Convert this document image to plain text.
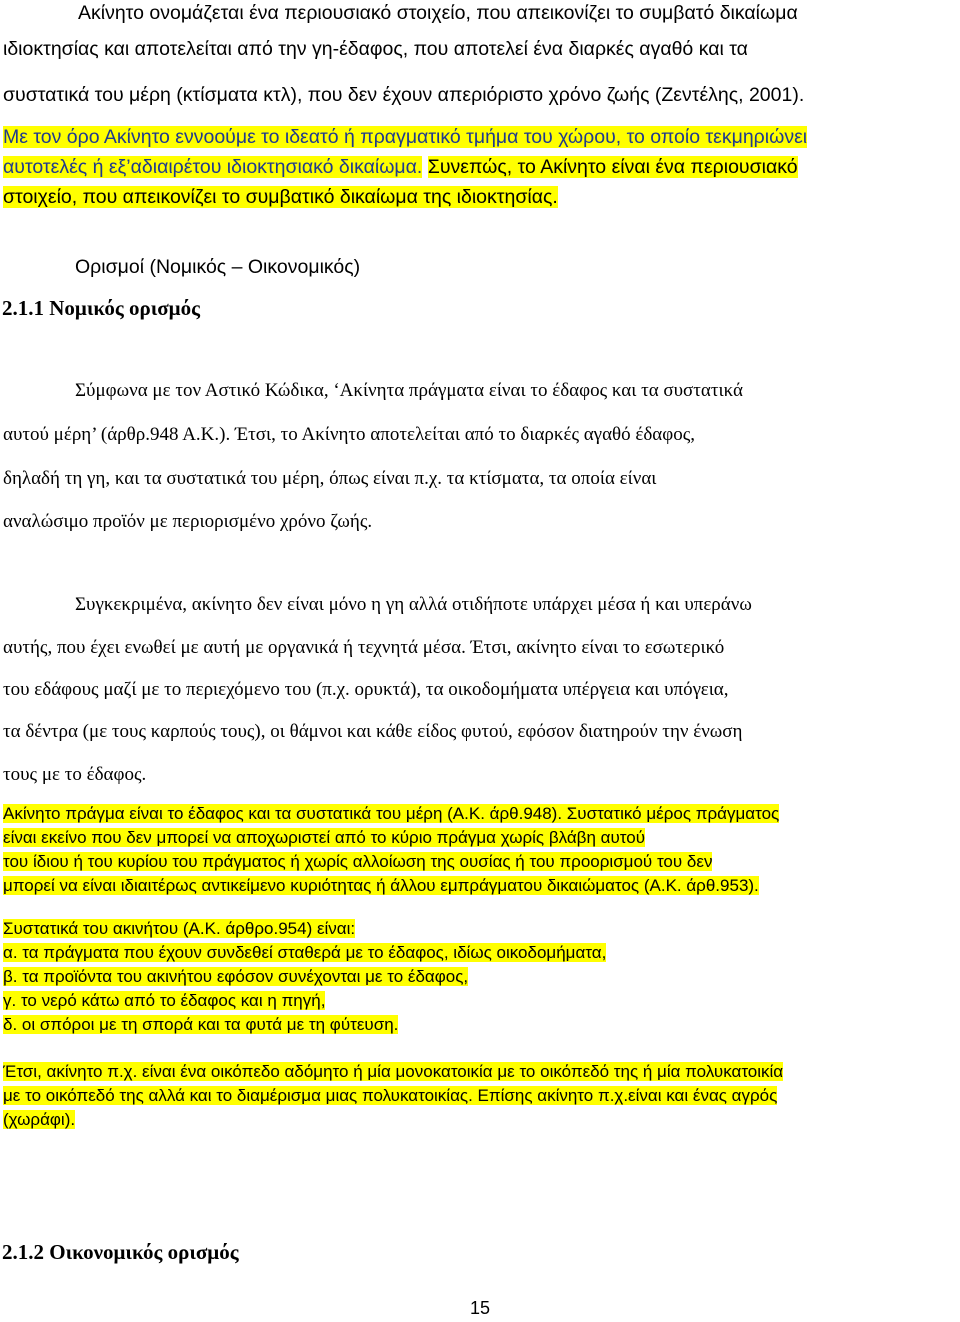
Ακίνητο ονομάζεται ένα περιουσιακό στοιχείο, που απεικονίζει το συμβατό δικαίωμα
ιδιοκτησίας και αποτελείται από την γη-έδαφος, που αποτελεί ένα διαρκές αγαθό και τα
συστατικά του μέρη (κτίσματα κτλ), που δεν έχουν απεριόριστο χρόνο ζωής (Ζεντέλης, 2001).
Με τον όρο Ακίνητο εννοούμε το ιδεατό ή πραγματικό τμήμα του χώρου, το οποίο τεκμηριώνει
αυτοτελές ή εξ’αδιαιρέτου ιδιοκτησιακό δικαίωμα. Συνεπώς, το Ακίνητο είναι ένα περιουσιακό
στοιχείο, που απεικονίζει το συμβατικό δικαίωμα της ιδιοκτησίας.
Ορισμοί (Νομικός – Οικονομικός)
2.1.1 Νομικός ορισμός
Σύμφωνα με τον Αστικό Κώδικα, ‘Ακίνητα πράγματα είναι το έδαφος και τα συστατικά
αυτού μέρη’ (άρθρ.948 Α.Κ.). Έτσι, το Ακίνητο αποτελείται από το διαρκές αγαθό έδαφος,
δηλαδή τη γη, και τα συστατικά του μέρη, όπως είναι π.χ. τα κτίσματα, τα οποία είναι
αναλώσιμο προϊόν με περιορισμένο χρόνο ζωής.
Συγκεκριμένα, ακίνητο δεν είναι μόνο η γη αλλά οτιδήποτε υπάρχει μέσα ή και υπεράνω
αυτής, που έχει ενωθεί με αυτή με οργανικά ή τεχνητά μέσα. Έτσι, ακίνητο είναι το εσωτερικό
του εδάφους μαζί με το περιεχόμενο του (π.χ. ορυκτά), τα οικοδομήματα υπέργεια και υπόγεια,
τα δέντρα (με τους καρπούς τους), οι θάμνοι και κάθε είδος φυτού, εφόσον διατηρούν την ένωση
τους με το έδαφος.
Ακίνητο πράγμα είναι το έδαφος και τα συστατικά του μέρη (Α.Κ. άρθ.948). Συστατικό μέρος πράγματος
είναι εκείνο που δεν μπορεί να αποχωριστεί από το κύριο πράγμα χωρίς βλάβη αυτού
του ίδιου ή του κυρίου του πράγματος ή χωρίς αλλοίωση της ουσίας ή του προορισμού του δεν
μπορεί να είναι ιδιαιτέρως αντικείμενο κυριότητας ή άλλου εμπράγματου δικαιώματος (Α.Κ. άρθ.953).
Συστατικά του ακινήτου (Α.Κ. άρθρο.954) είναι:
α. τα πράγματα που έχουν συνδεθεί σταθερά με το έδαφος, ιδίως οικοδομήματα,
β. τα προϊόντα του ακινήτου εφόσον συνέχονται με το έδαφος,
γ. το νερό κάτω από το έδαφος και η πηγή,
δ. οι σπόροι με τη σπορά και τα φυτά με τη φύτευση.
Έτσι, ακίνητο π.χ. είναι ένα οικόπεδο αδόμητο ή μία μονοκατοικία με το οικόπεδό της ή μία πολυκατοικία
με το οικόπεδό της αλλά και το διαμέρισμα μιας πολυκατοικίας. Επίσης ακίνητο π.χ.είναι και ένας αγρός
(χωράφι).
2.1.2 Οικονομικός ορισμός
15
